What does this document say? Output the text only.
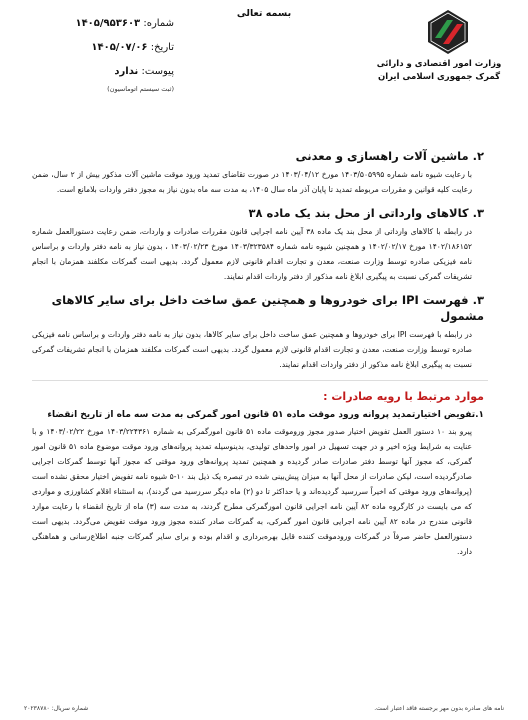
وزارت امور اقتصادی و دارائی
گمرک جمهوری اسلامی ایران
بسمه تعالی
شماره: ۱۴۰۵/۹۵۳۶۰۳
تاریخ: ۱۴۰۵/۰۷/۰۶
پیوست: ندارد
(ثبت سیستم اتوماسیون)
۲. ماشین آلات راهسازی و معدنی

با رعایت شیوه نامه شماره ۱۴۰۳/۵۰۵۹۹۵ مورخ ۱۴۰۳/۰۴/۱۲ در صورت تقاضای تمدید ورود موقت ماشین آلات مذکور بیش از ۲ سال، ضمن رعایت کلیه قوانین و مقررات مربوطه تمدید تا پایان آذر ماه سال ۱۴۰۵، به مدت سه ماه بدون نیاز به مجوز دفتر واردات بلامانع است.

۳. کالاهای وارداتی از محل بند یک ماده ۳۸

در رابطه با کالاهای وارداتی از محل بند یک ماده ۳۸ آیین نامه اجرایی قانون مقررات صادرات و واردات، ضمن رعایت دستورالعمل شماره ۱۴۰۲/۱۸۶۱۵۲ مورخ ۱۴۰۲/۰۲/۱۷ و همچنین شیوه نامه شماره ۱۴۰۳/۳۲۳۵۸۴ مورخ ۱۴۰۳/۰۲/۲۳ ، بدون نیاز به نامه دفتر واردات و براساس نامه فیزیکی صادره توسط وزارت صنعت، معدن و تجارت اقدام قانونی لازم معمول گردد. بدیهی است گمرکات مکلفند همزمان با انجام تشریفات گمرکی نسبت به پیگیری ابلاغ نامه مذکور از دفتر واردات اقدام نمایند.

۳. فهرست IPI برای خودروها و همچنین عمق ساخت داخل برای سایر کالاهای مشمول

در رابطه با فهرست IPI برای خودروها و همچنین عمق ساخت داخل برای سایر کالاها، بدون نیاز به نامه دفتر واردات و براساس نامه فیزیکی صادره توسط وزارت صنعت، معدن و تجارت اقدام قانونی لازم معمول گردد. بدیهی است گمرکات مکلفند همزمان با انجام تشریفات گمرکی نسبت به پیگیری ابلاغ نامه مذکور از دفتر واردات اقدام نمایند.

موارد مرتبط با رویه صادرات :
۱.تفویض اختیارتمدید پروانه ورود موقت ماده ۵۱ قانون امور گمرکی به مدت سه ماه از تاریخ انقضاء

پیرو بند ۱۰ دستور العمل تفویض اختیار صدور مجوز وروموقت ماده ۵۱ قانون امورگمرکی به شماره ۱۴۰۳/۲۲۴۳۶۱ مورخ ۱۴۰۳/۰۲/۲۲ و با عنایت به شرایط ویژه اخیر و در جهت تسهیل در امور واحدهای تولیدی، بدینوسیله تمدید پروانه‌های ورود موقت موضوع ماده ۵۱ قانون امور گمرکی، که مجوز آنها توسط دفتر صادرات صادر گردیده و همچنین تمدید پروانه‌های ورود موقتی که مجوز آنها توسط گمرکات اجرایی صادرگردیده است، لیکن صادرات از محل آنها به میزان پیش‌بینی شده در تبصره یک ذیل بند ۱۰-۵ شیوه نامه تفویض اختیار محقق نشده است (پروانه‌های ورود موقتی که اخیراً سررسید گردیده‌اند و یا حداکثر تا دو (۲) ماه دیگر سررسید می گردند)، به استثناء اقلام کشاورزی و مواردی که می بایست در کارگروه ماده ۸۲ آیین نامه اجرایی قانون امورگمرکی مطرح گردند، به مدت سه (۳) ماه از تاریخ انقضاء با رعایت موارد قانونی مندرج در ماده ۸۲ آیین نامه اجرایی قانون امور گمرکی، به گمرکات صادر کننده مجوز ورود موقت تفویض می‌گردد. بدیهی است دستورالعمل حاضر صرفاً در گمرکات ورودموقت کننده قابل بهره‌برداری و اقدام بوده و برای سایر گمرکات جنبه اطلاع‌رسانی و هماهنگی دارد.

نامه های صادره بدون مهر برجسته فاقد اعتبار است.
شماره سریال: ۲۰۲۳۸۷۸۰
